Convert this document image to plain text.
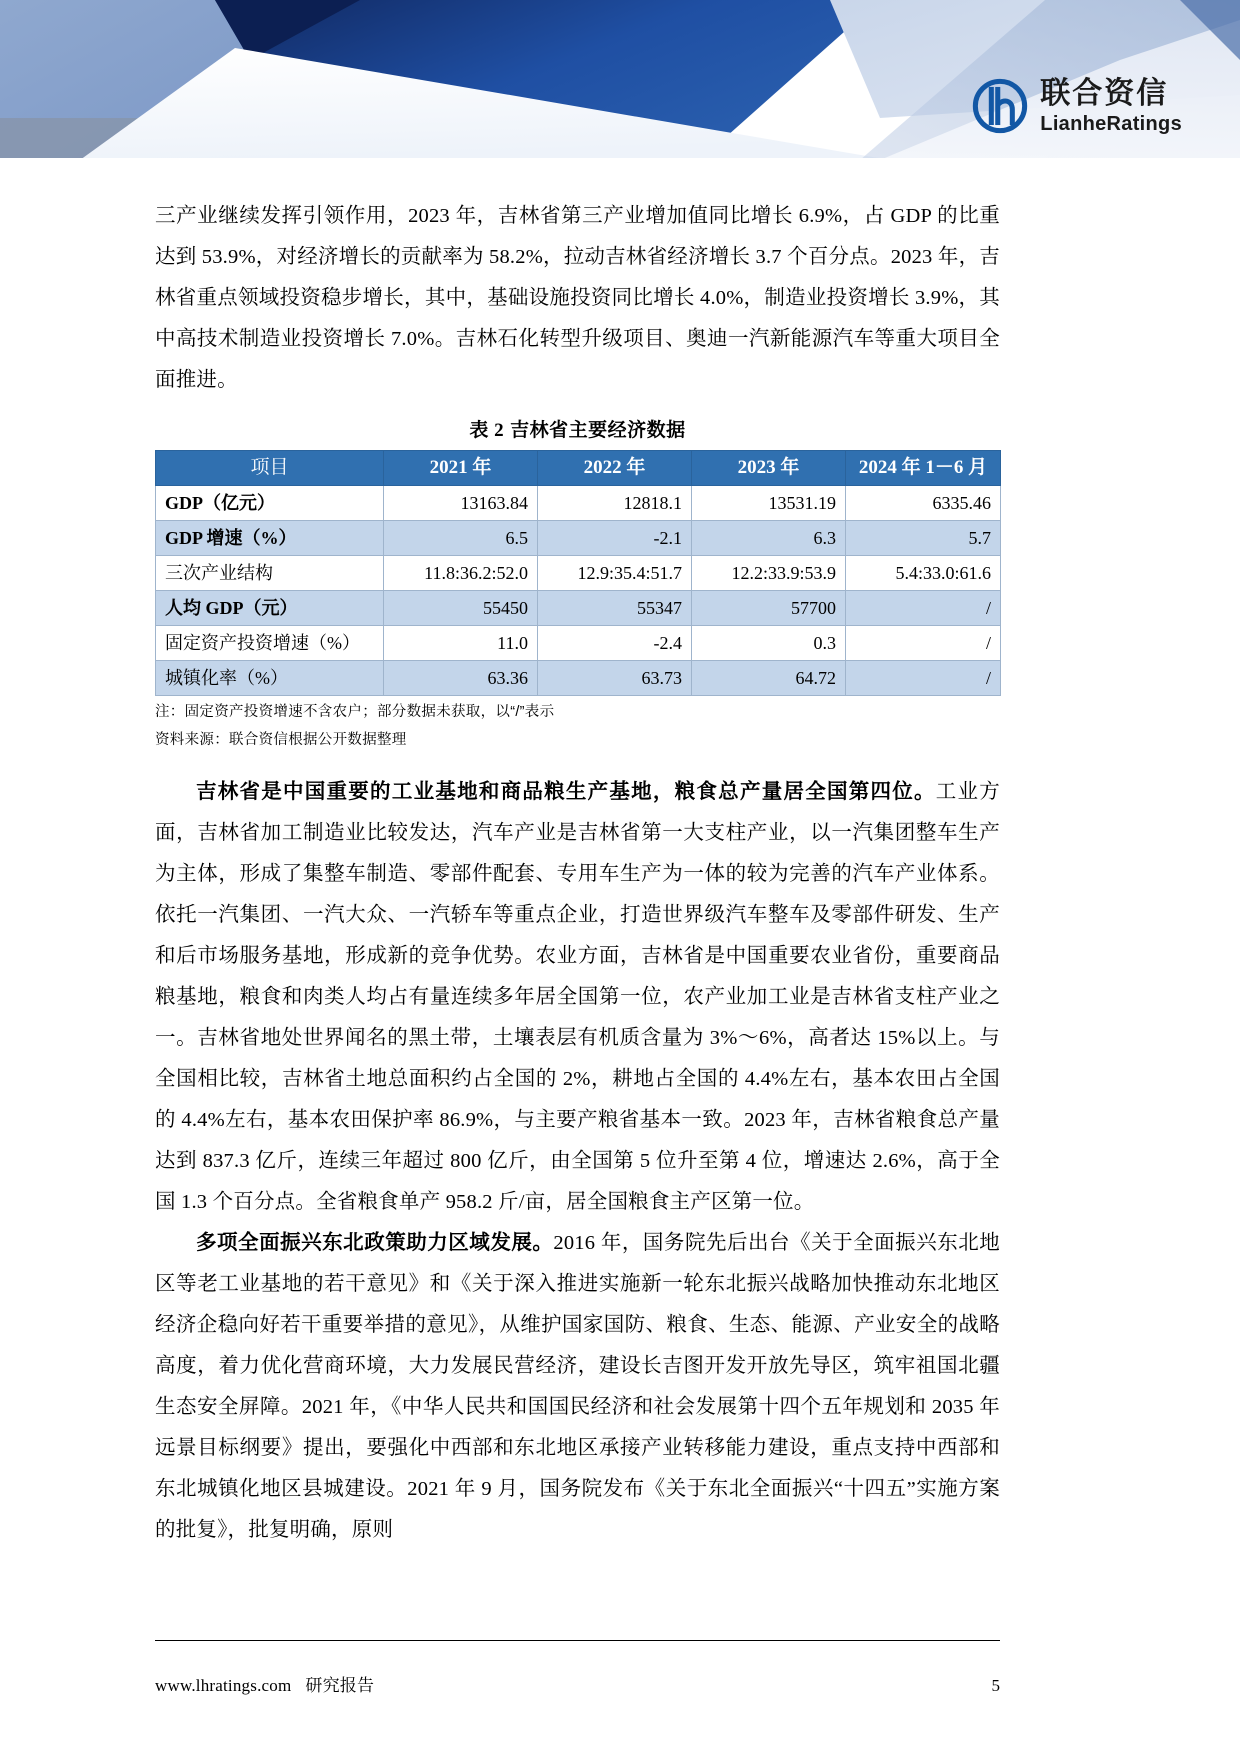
联合资信
LianheRatings

三产业继续发挥引领作用，2023 年，吉林省第三产业增加值同比增长 6.9%，占 GDP 的比重达到 53.9%，对经济增长的贡献率为 58.2%，拉动吉林省经济增长 3.7 个百分点。2023 年，吉林省重点领域投资稳步增长，其中，基础设施投资同比增长 4.0%，制造业投资增长 3.9%，其中高技术制造业投资增长 7.0%。吉林石化转型升级项目、奥迪一汽新能源汽车等重大项目全面推进。

表 2 吉林省主要经济数据
项目	2021 年	2022 年	2023 年	2024 年 1－6 月
GDP（亿元）	13163.84	12818.1	13531.19	6335.46
GDP 增速（%）	6.5	-2.1	6.3	5.7
三次产业结构	11.8:36.2:52.0	12.9:35.4:51.7	12.2:33.9:53.9	5.4:33.0:61.6
人均 GDP（元）	55450	55347	57700	/
固定资产投资增速（%）	11.0	-2.4	0.3	/
城镇化率（%）	63.36	63.73	64.72	/
注：固定资产投资增速不含农户；部分数据未获取，以“/”表示
资料来源：联合资信根据公开数据整理

吉林省是中国重要的工业基地和商品粮生产基地，粮食总产量居全国第四位。工业方面，吉林省加工制造业比较发达，汽车产业是吉林省第一大支柱产业，以一汽集团整车生产为主体，形成了集整车制造、零部件配套、专用车生产为一体的较为完善的汽车产业体系。依托一汽集团、一汽大众、一汽轿车等重点企业，打造世界级汽车整车及零部件研发、生产和后市场服务基地，形成新的竞争优势。农业方面，吉林省是中国重要农业省份，重要商品粮基地，粮食和肉类人均占有量连续多年居全国第一位，农产业加工业是吉林省支柱产业之一。吉林省地处世界闻名的黑土带，土壤表层有机质含量为 3%～6%，高者达 15%以上。与全国相比较，吉林省土地总面积约占全国的 2%，耕地占全国的 4.4%左右，基本农田占全国的 4.4%左右，基本农田保护率 86.9%，与主要产粮省基本一致。2023 年，吉林省粮食总产量达到 837.3 亿斤，连续三年超过 800 亿斤，由全国第 5 位升至第 4 位，增速达 2.6%，高于全国 1.3 个百分点。全省粮食单产 958.2 斤/亩，居全国粮食主产区第一位。

多项全面振兴东北政策助力区域发展。2016 年，国务院先后出台《关于全面振兴东北地区等老工业基地的若干意见》和《关于深入推进实施新一轮东北振兴战略加快推动东北地区经济企稳向好若干重要举措的意见》，从维护国家国防、粮食、生态、能源、产业安全的战略高度，着力优化营商环境，大力发展民营经济，建设长吉图开发开放先导区，筑牢祖国北疆生态安全屏障。2021 年，《中华人民共和国国民经济和社会发展第十四个五年规划和 2035 年远景目标纲要》提出，要强化中西部和东北地区承接产业转移能力建设，重点支持中西部和东北城镇化地区县城建设。2021 年 9 月，国务院发布《关于东北全面振兴“十四五”实施方案的批复》，批复明确，原则

www.lhratings.com 研究报告	5
